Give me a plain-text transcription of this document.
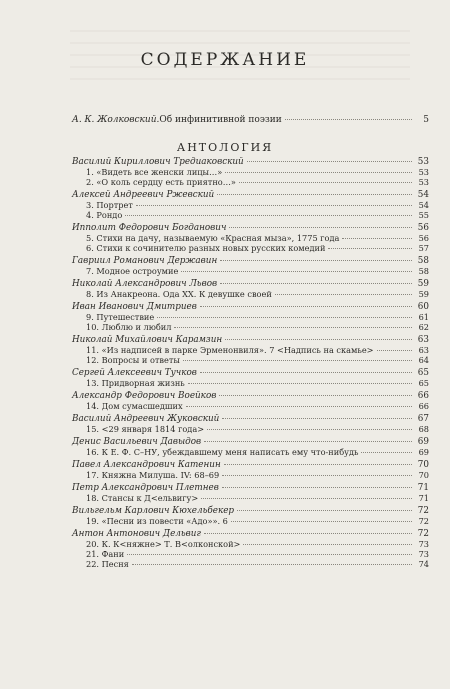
СОДЕРЖАНИЕ
А. К. Жолковский. Об инфинитивной поэзии	5
АНТОЛОГИЯ
Василий Кириллович Тредиаковский	53
1. «Видеть все женски лицы…»	53
2. «О коль сердцу есть приятно…»	53
Алексей Андреевич Ржевский	54
3. Портрет	54
4. Рондо	55
Ипполит Федорович Богданович	56
5. Стихи на дачу, называемую «Красная мыза», 1775 года	56
6. Стихи к сочинителю разных новых русских комедий	57
Гавриил Романович Державин	58
7. Модное остроумие	58
Николай Александрович Львов	59
8. Из Анакреона. Ода XX. К девушке своей	59
Иван Иванович Дмитриев	60
9. Путешествие	61
10. Люблю и любил	62
Николай Михайлович Карамзин	63
11. «Из надписей в парке Эрменонвиля». 7 <Надпись на скамье>	63
12. Вопросы и ответы	64
Сергей Алексеевич Тучков	65
13. Придворная жизнь	65
Александр Федорович Воейков	66
14. Дом сумасшедших	66
Василий Андреевич Жуковский	67
15. <29 января 1814 года>	68
Денис Васильевич Давыдов	69
16. К Е. Ф. С–НУ, убеждавшему меня написать ему что-нибудь	69
Павел Александрович Катенин	70
17. Княжна Милуша. IV: 68–69	70
Петр Александрович Плетнев	71
18. Стансы к Д<ельвигу>	71
Вильгельм Карлович Кюхельбекер	72
19. «Песни из повести «Адо»». 6	72
Антон Антонович Дельвиг	72
20. К. К<няжне> Т. В<олконской>	73
21. Фани	73
22. Песня	74
